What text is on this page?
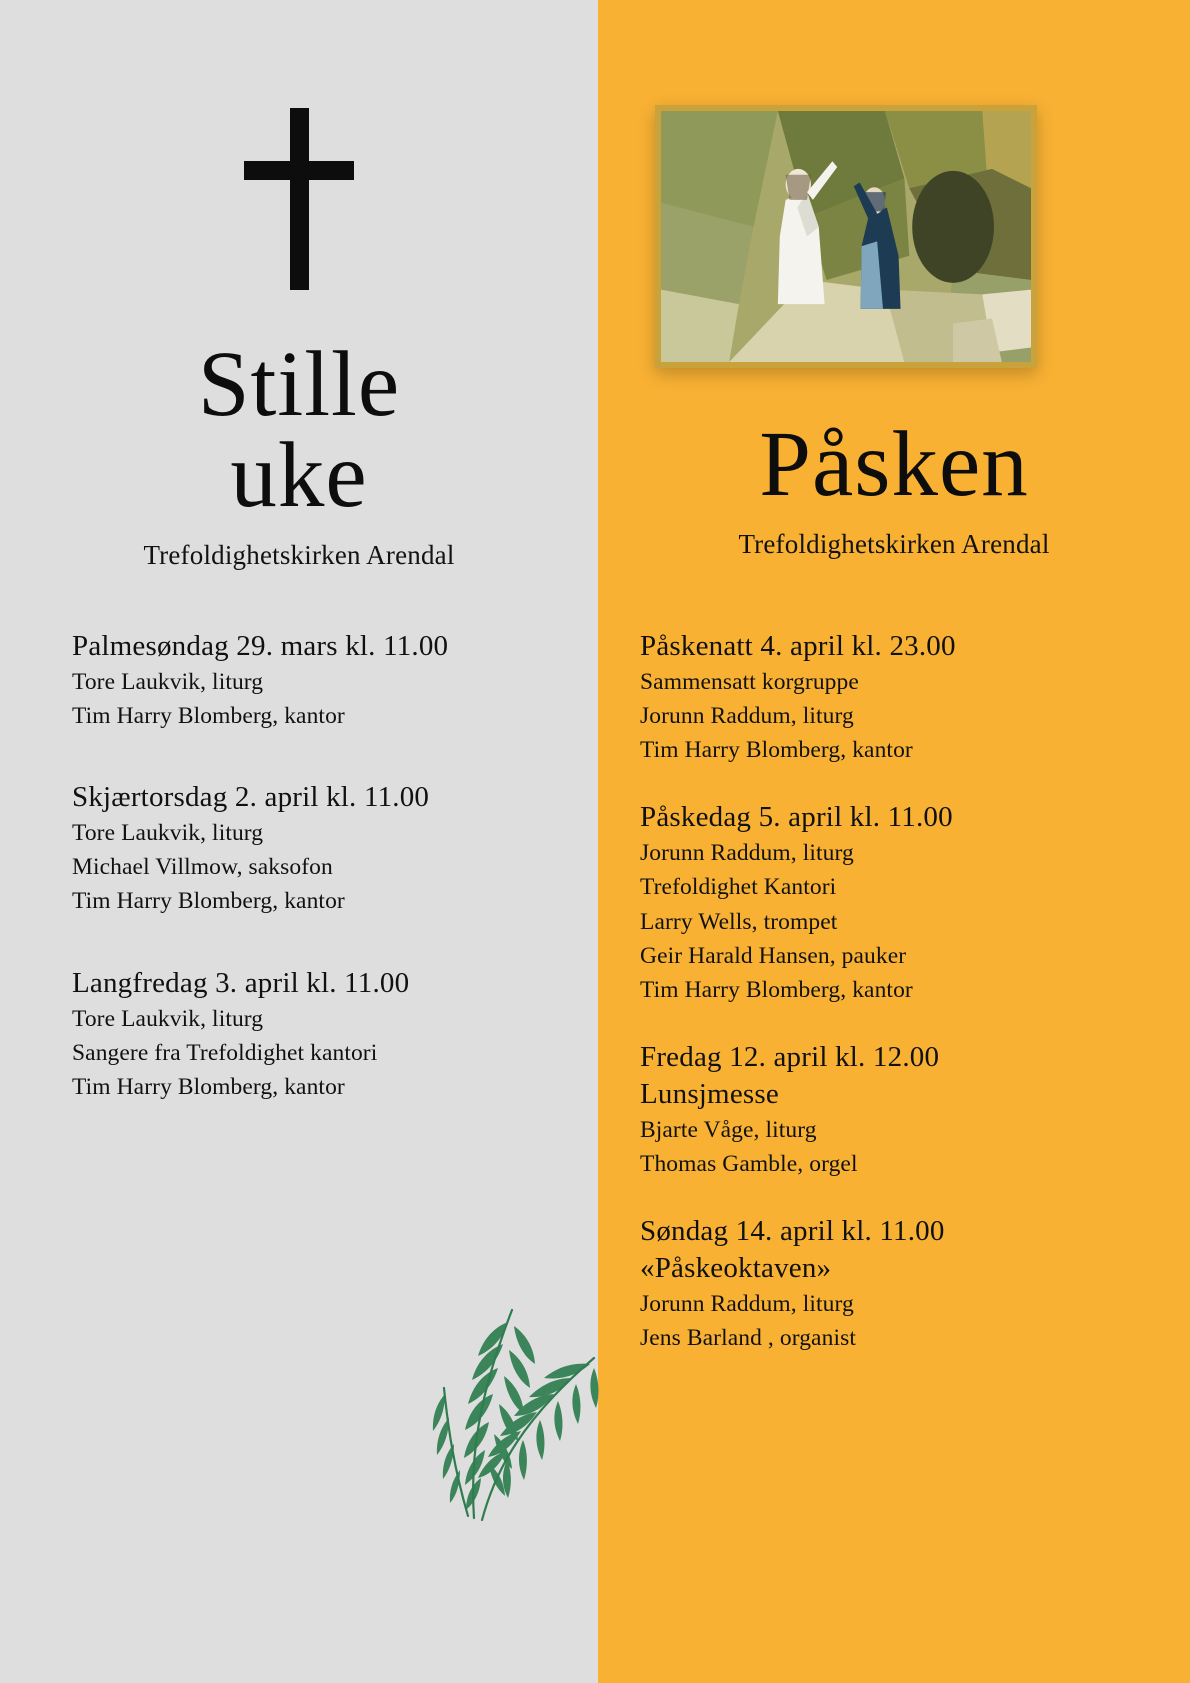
Stille
uke
Trefoldighetskirken Arendal
Palmesøndag 29. mars kl. 11.00
Tore Laukvik, liturg
Tim Harry Blomberg, kantor
Skjærtorsdag 2. april kl. 11.00
Tore Laukvik, liturg
Michael Villmow, saksofon
Tim Harry Blomberg, kantor
Langfredag 3. april kl. 11.00
Tore Laukvik, liturg
Sangere fra Trefoldighet kantori
Tim Harry Blomberg, kantor
Påsken
Trefoldighetskirken Arendal
Påskenatt 4. april kl. 23.00
Sammensatt korgruppe
Jorunn Raddum, liturg
Tim Harry Blomberg, kantor
Påskedag 5. april kl. 11.00
Jorunn Raddum, liturg
Trefoldighet Kantori
Larry Wells, trompet
Geir Harald Hansen, pauker
Tim Harry Blomberg, kantor
Fredag 12. april kl. 12.00
Lunsjmesse
Bjarte Våge, liturg
Thomas Gamble, orgel
Søndag 14. april kl. 11.00
«Påskeoktaven»
Jorunn Raddum, liturg
Jens Barland , organist
